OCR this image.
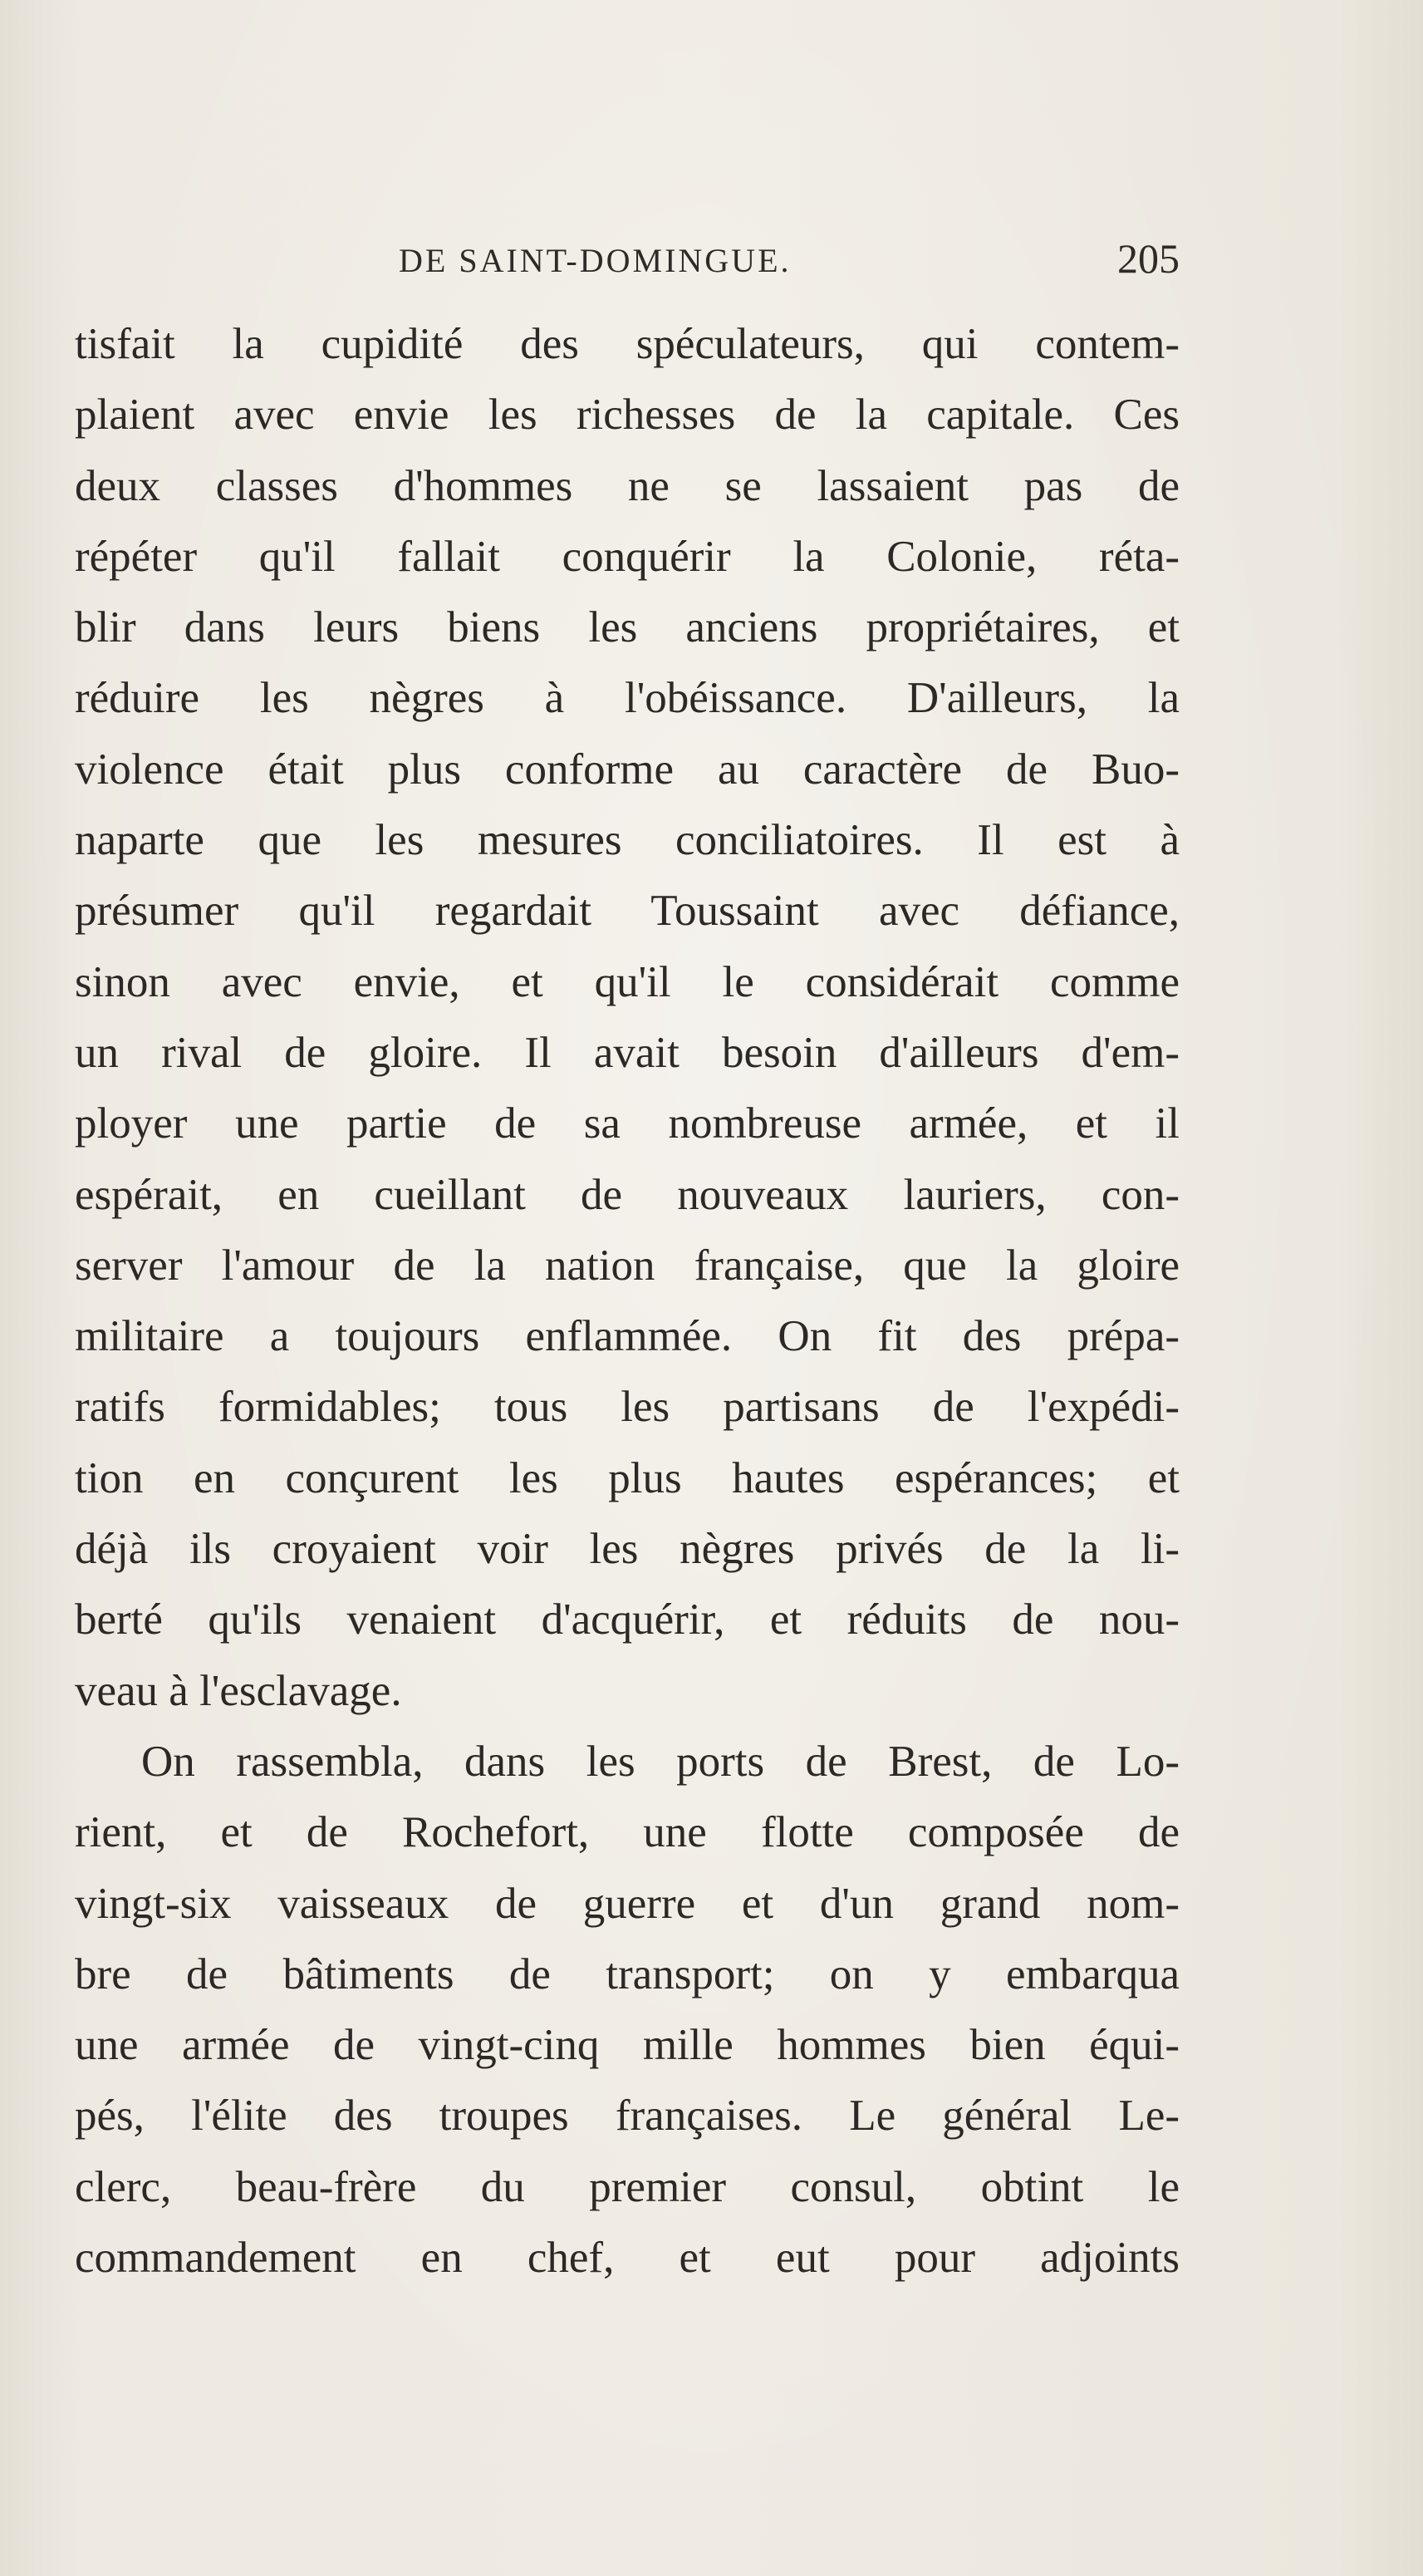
DE SAINT-DOMINGUE.	205

tisfait la cupidité des spéculateurs, qui contem-
plaient avec envie les richesses de la capitale. Ces
deux classes d'hommes ne se lassaient pas de
répéter qu'il fallait conquérir la Colonie, réta-
blir dans leurs biens les anciens propriétaires, et
réduire les nègres à l'obéissance. D'ailleurs, la
violence était plus conforme au caractère de Buo-
naparte que les mesures conciliatoires. Il est à
présumer qu'il regardait Toussaint avec défiance,
sinon avec envie, et qu'il le considérait comme
un rival de gloire. Il avait besoin d'ailleurs d'em-
ployer une partie de sa nombreuse armée, et il
espérait, en cueillant de nouveaux lauriers, con-
server l'amour de la nation française, que la gloire
militaire a toujours enflammée. On fit des prépa-
ratifs formidables; tous les partisans de l'expédi-
tion en conçurent les plus hautes espérances; et
déjà ils croyaient voir les nègres privés de la li-
berté qu'ils venaient d'acquérir, et réduits de nou-
veau à l'esclavage.

On rassembla, dans les ports de Brest, de Lo-
rient, et de Rochefort, une flotte composée de
vingt-six vaisseaux de guerre et d'un grand nom-
bre de bâtiments de transport; on y embarqua
une armée de vingt-cinq mille hommes bien équi-
pés, l'élite des troupes françaises. Le général Le-
clerc, beau-frère du premier consul, obtint le
commandement en chef, et eut pour adjoints
